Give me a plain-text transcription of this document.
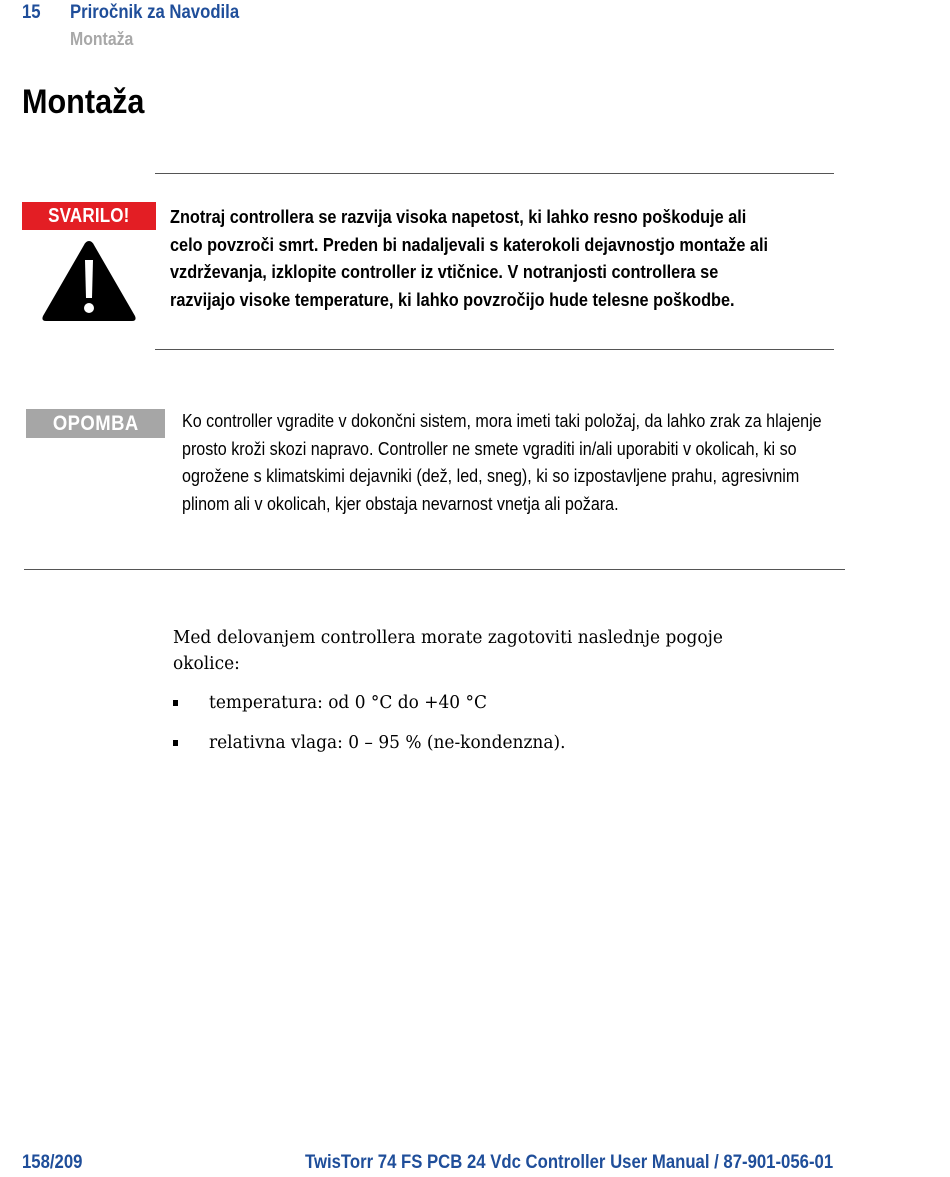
15 Priročnik za Navodila
Montaža
Montaža
SVARILO! Znotraj controllera se razvija visoka napetost, ki lahko resno poškoduje ali celo povzroči smrt. Preden bi nadaljevali s katerokoli dejavnostjo montaže ali vzdrževanja, izklopite controller iz vtičnice. V notranjosti controllera se razvijajo visoke temperature, ki lahko povzročijo hude telesne poškodbe.
OPOMBA Ko controller vgradite v dokončni sistem, mora imeti taki položaj, da lahko zrak za hlajenje prosto kroži skozi napravo. Controller ne smete vgraditi in/ali uporabiti v okolicah, ki so ogrožene s klimatskimi dejavniki (dež, led, sneg), ki so izpostavljene prahu, agresivnim plinom ali v okolicah, kjer obstaja nevarnost vnetja ali požara.
Med delovanjem controllera morate zagotoviti naslednje pogoje okolice:
temperatura: od 0 °C do +40 °C
relativna vlaga: 0 – 95 % (ne-kondenzna).
158/209	TwisTorr 74 FS PCB 24 Vdc Controller User Manual / 87-901-056-01
